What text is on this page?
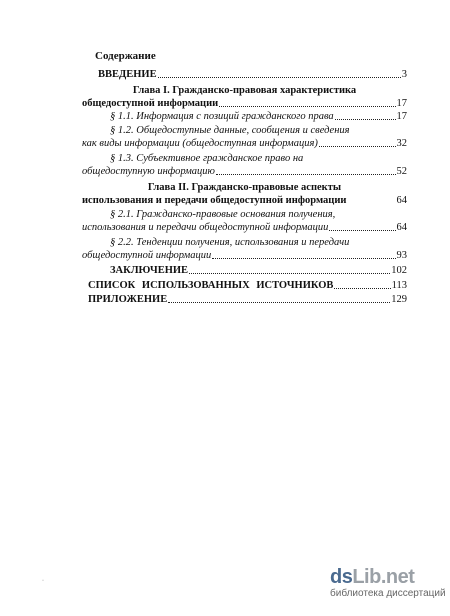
Содержание
ВВЕДЕНИЕ	3
Глава I. Гражданско-правовая характеристика
общедоступной информации	17
§ 1.1. Информация с позиций гражданского права	17
§ 1.2. Общедоступные данные, сообщения и сведения
как виды информации (общедоступная информация)	32
§ 1.3. Субъективное гражданское право на
общедоступную информацию	52
Глава II. Гражданско-правовые аспекты
использования и передачи общедоступной информации	64
§ 2.1. Гражданско-правовые основания получения,
использования и передачи общедоступной информации	64
§ 2.2. Тенденции получения, использования и передачи
общедоступной информации	93
ЗАКЛЮЧЕНИЕ	102
СПИСОК ИСПОЛЬЗОВАННЫХ ИСТОЧНИКОВ	113
ПРИЛОЖЕНИЕ	129
·	dsLib.net
библиотека диссертаций
